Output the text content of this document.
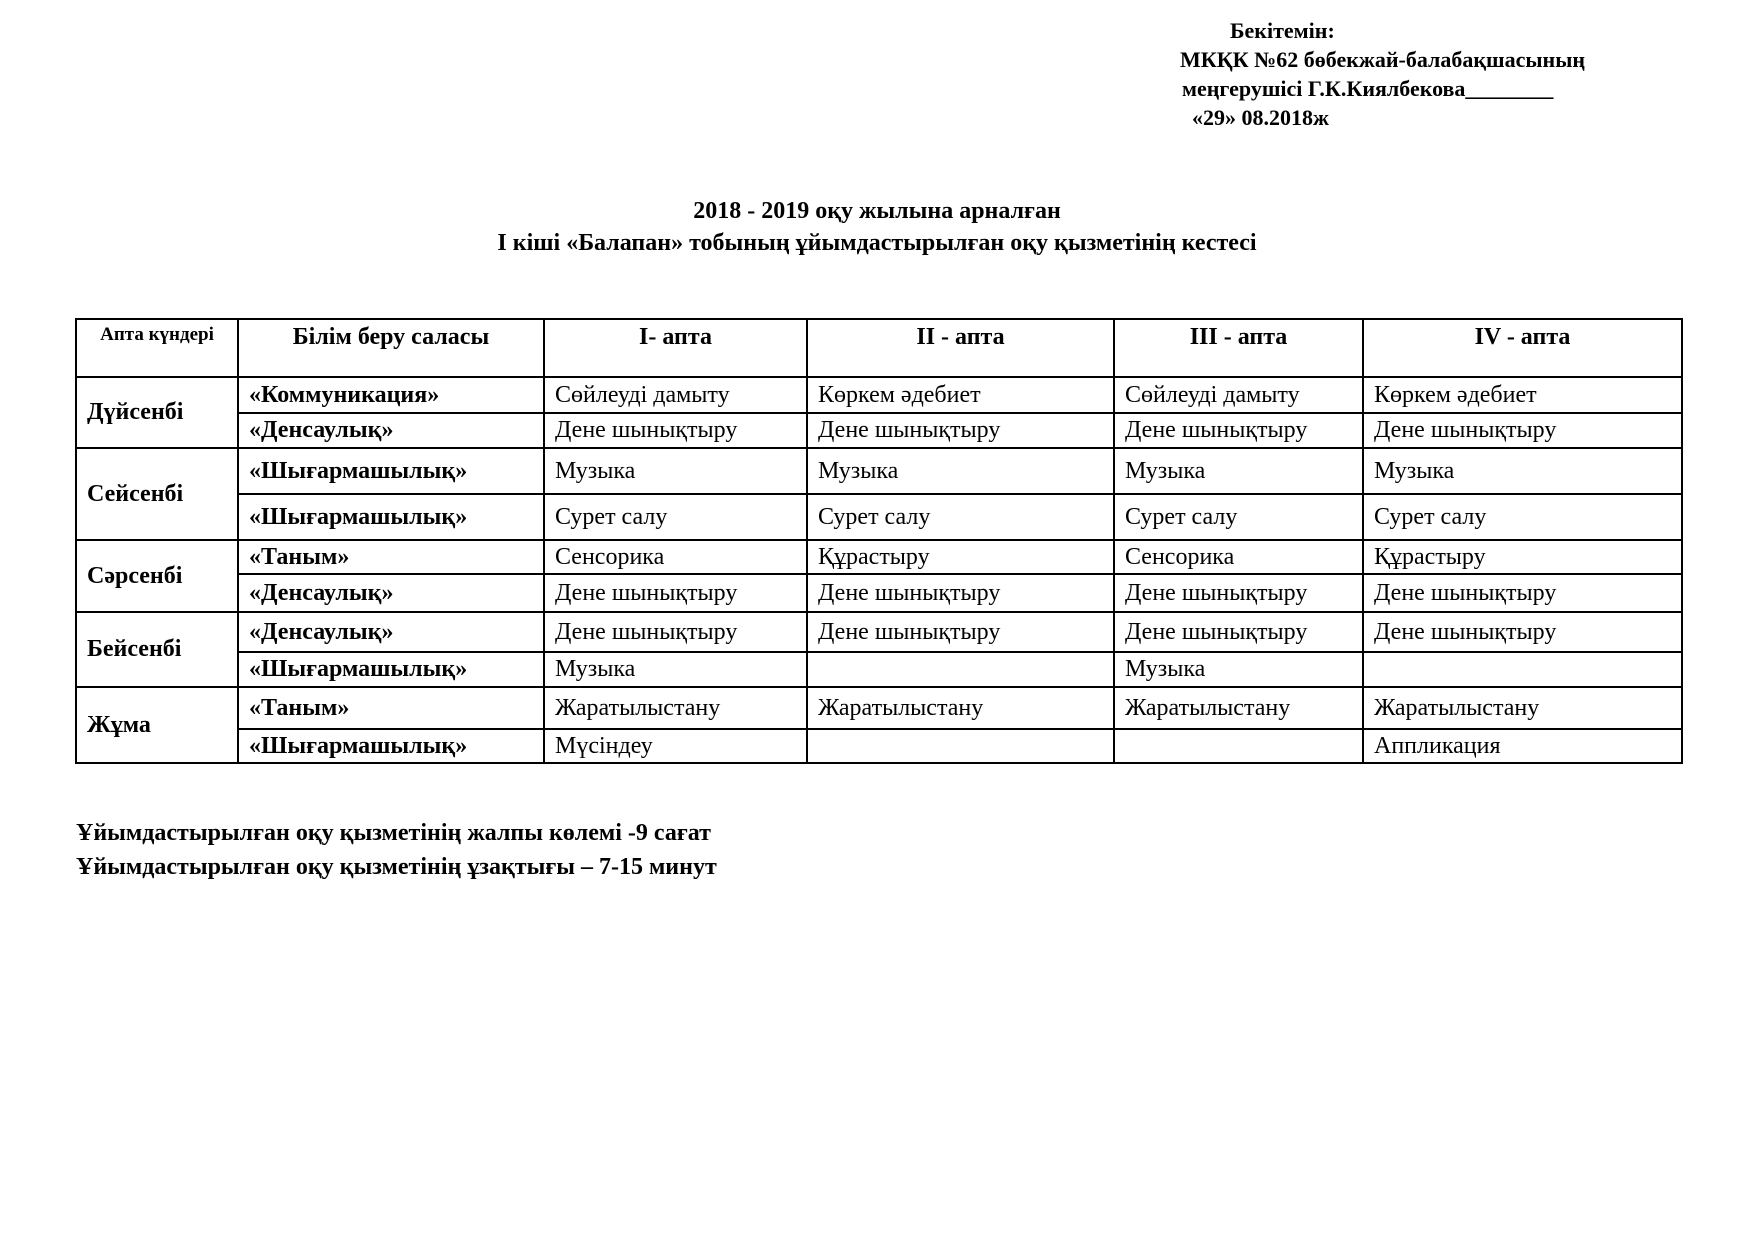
Бекітемін:
МКҚК №62 бөбекжай-балабақшасының
меңгерушісі Г.К.Киялбекова________
«29» 08.2018ж
2018 - 2019 оқу жылына арналған
І кіші «Балапан» тобының ұйымдастырылған оқу қызметінің кестесі
Апта күндері	Білім беру саласы	І- апта	ІІ - апта	ІІІ - апта	ІV - апта
Дүйсенбі	«Коммуникация»	Сөйлеуді дамыту	Көркем әдебиет	Сөйлеуді дамыту	Көркем әдебиет
	«Денсаулық»	Дене шынықтыру	Дене шынықтыру	Дене шынықтыру	Дене шынықтыру
Сейсенбі	«Шығармашылық»	Музыка	Музыка	Музыка	Музыка
	«Шығармашылық»	Сурет салу	Сурет салу	Сурет салу	Сурет салу
Сәрсенбі	«Таным»	Сенсорика	Құрастыру	Сенсорика	Құрастыру
	«Денсаулық»	Дене шынықтыру	Дене шынықтыру	Дене шынықтыру	Дене шынықтыру
Бейсенбі	«Денсаулық»	Дене шынықтыру	Дене шынықтыру	Дене шынықтыру	Дене шынықтыру
	«Шығармашылық»	Музыка		Музыка	
Жұма	«Таным»	Жаратылыстану	Жаратылыстану	Жаратылыстану	Жаратылыстану
	«Шығармашылық»	Мүсіндеу			Аппликация
Ұйымдастырылған оқу қызметінің жалпы көлемі -9 сағат
Ұйымдастырылған оқу қызметінің ұзақтығы – 7-15 минут
